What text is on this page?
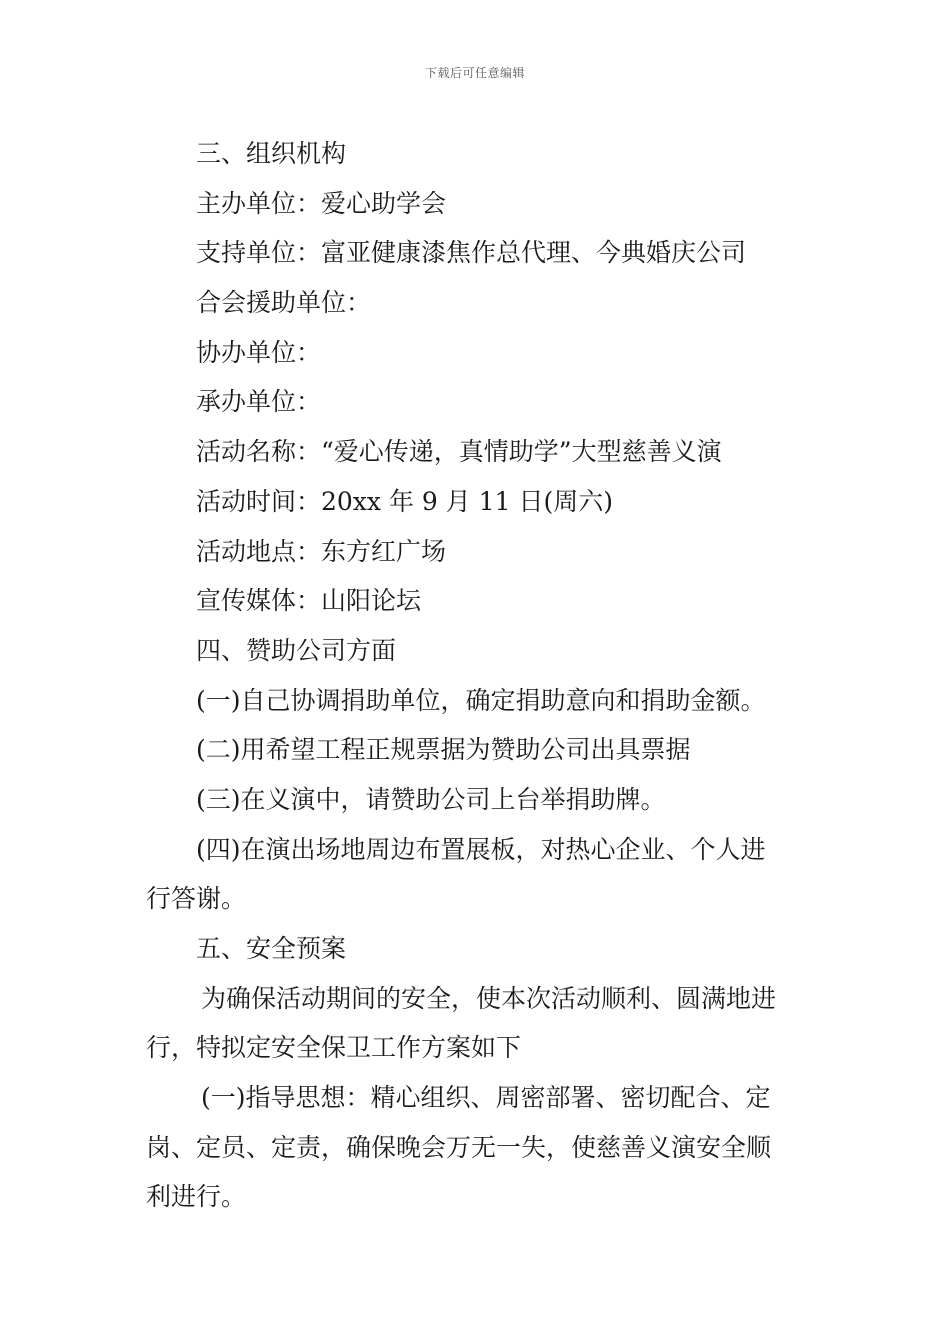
下载后可任意编辑
三、组织机构
主办单位：爱心助学会
支持单位：富亚健康漆焦作总代理、今典婚庆公司
合会援助单位：
协办单位：
承办单位：
活动名称：“爱心传递，真情助学”大型慈善义演
活动时间：20xx 年 9 月 11 日(周六)
活动地点：东方红广场
宣传媒体：山阳论坛
四、赞助公司方面
(一)自己协调捐助单位，确定捐助意向和捐助金额。
(二)用希望工程正规票据为赞助公司出具票据
(三)在义演中，请赞助公司上台举捐助牌。
(四)在演出场地周边布置展板，对热心企业、个人进
行答谢。
五、安全预案
为确保活动期间的安全，使本次活动顺利、圆满地进
行，特拟定安全保卫工作方案如下
(一)指导思想：精心组织、周密部署、密切配合、定
岗、定员、定责，确保晚会万无一失，使慈善义演安全顺
利进行。
